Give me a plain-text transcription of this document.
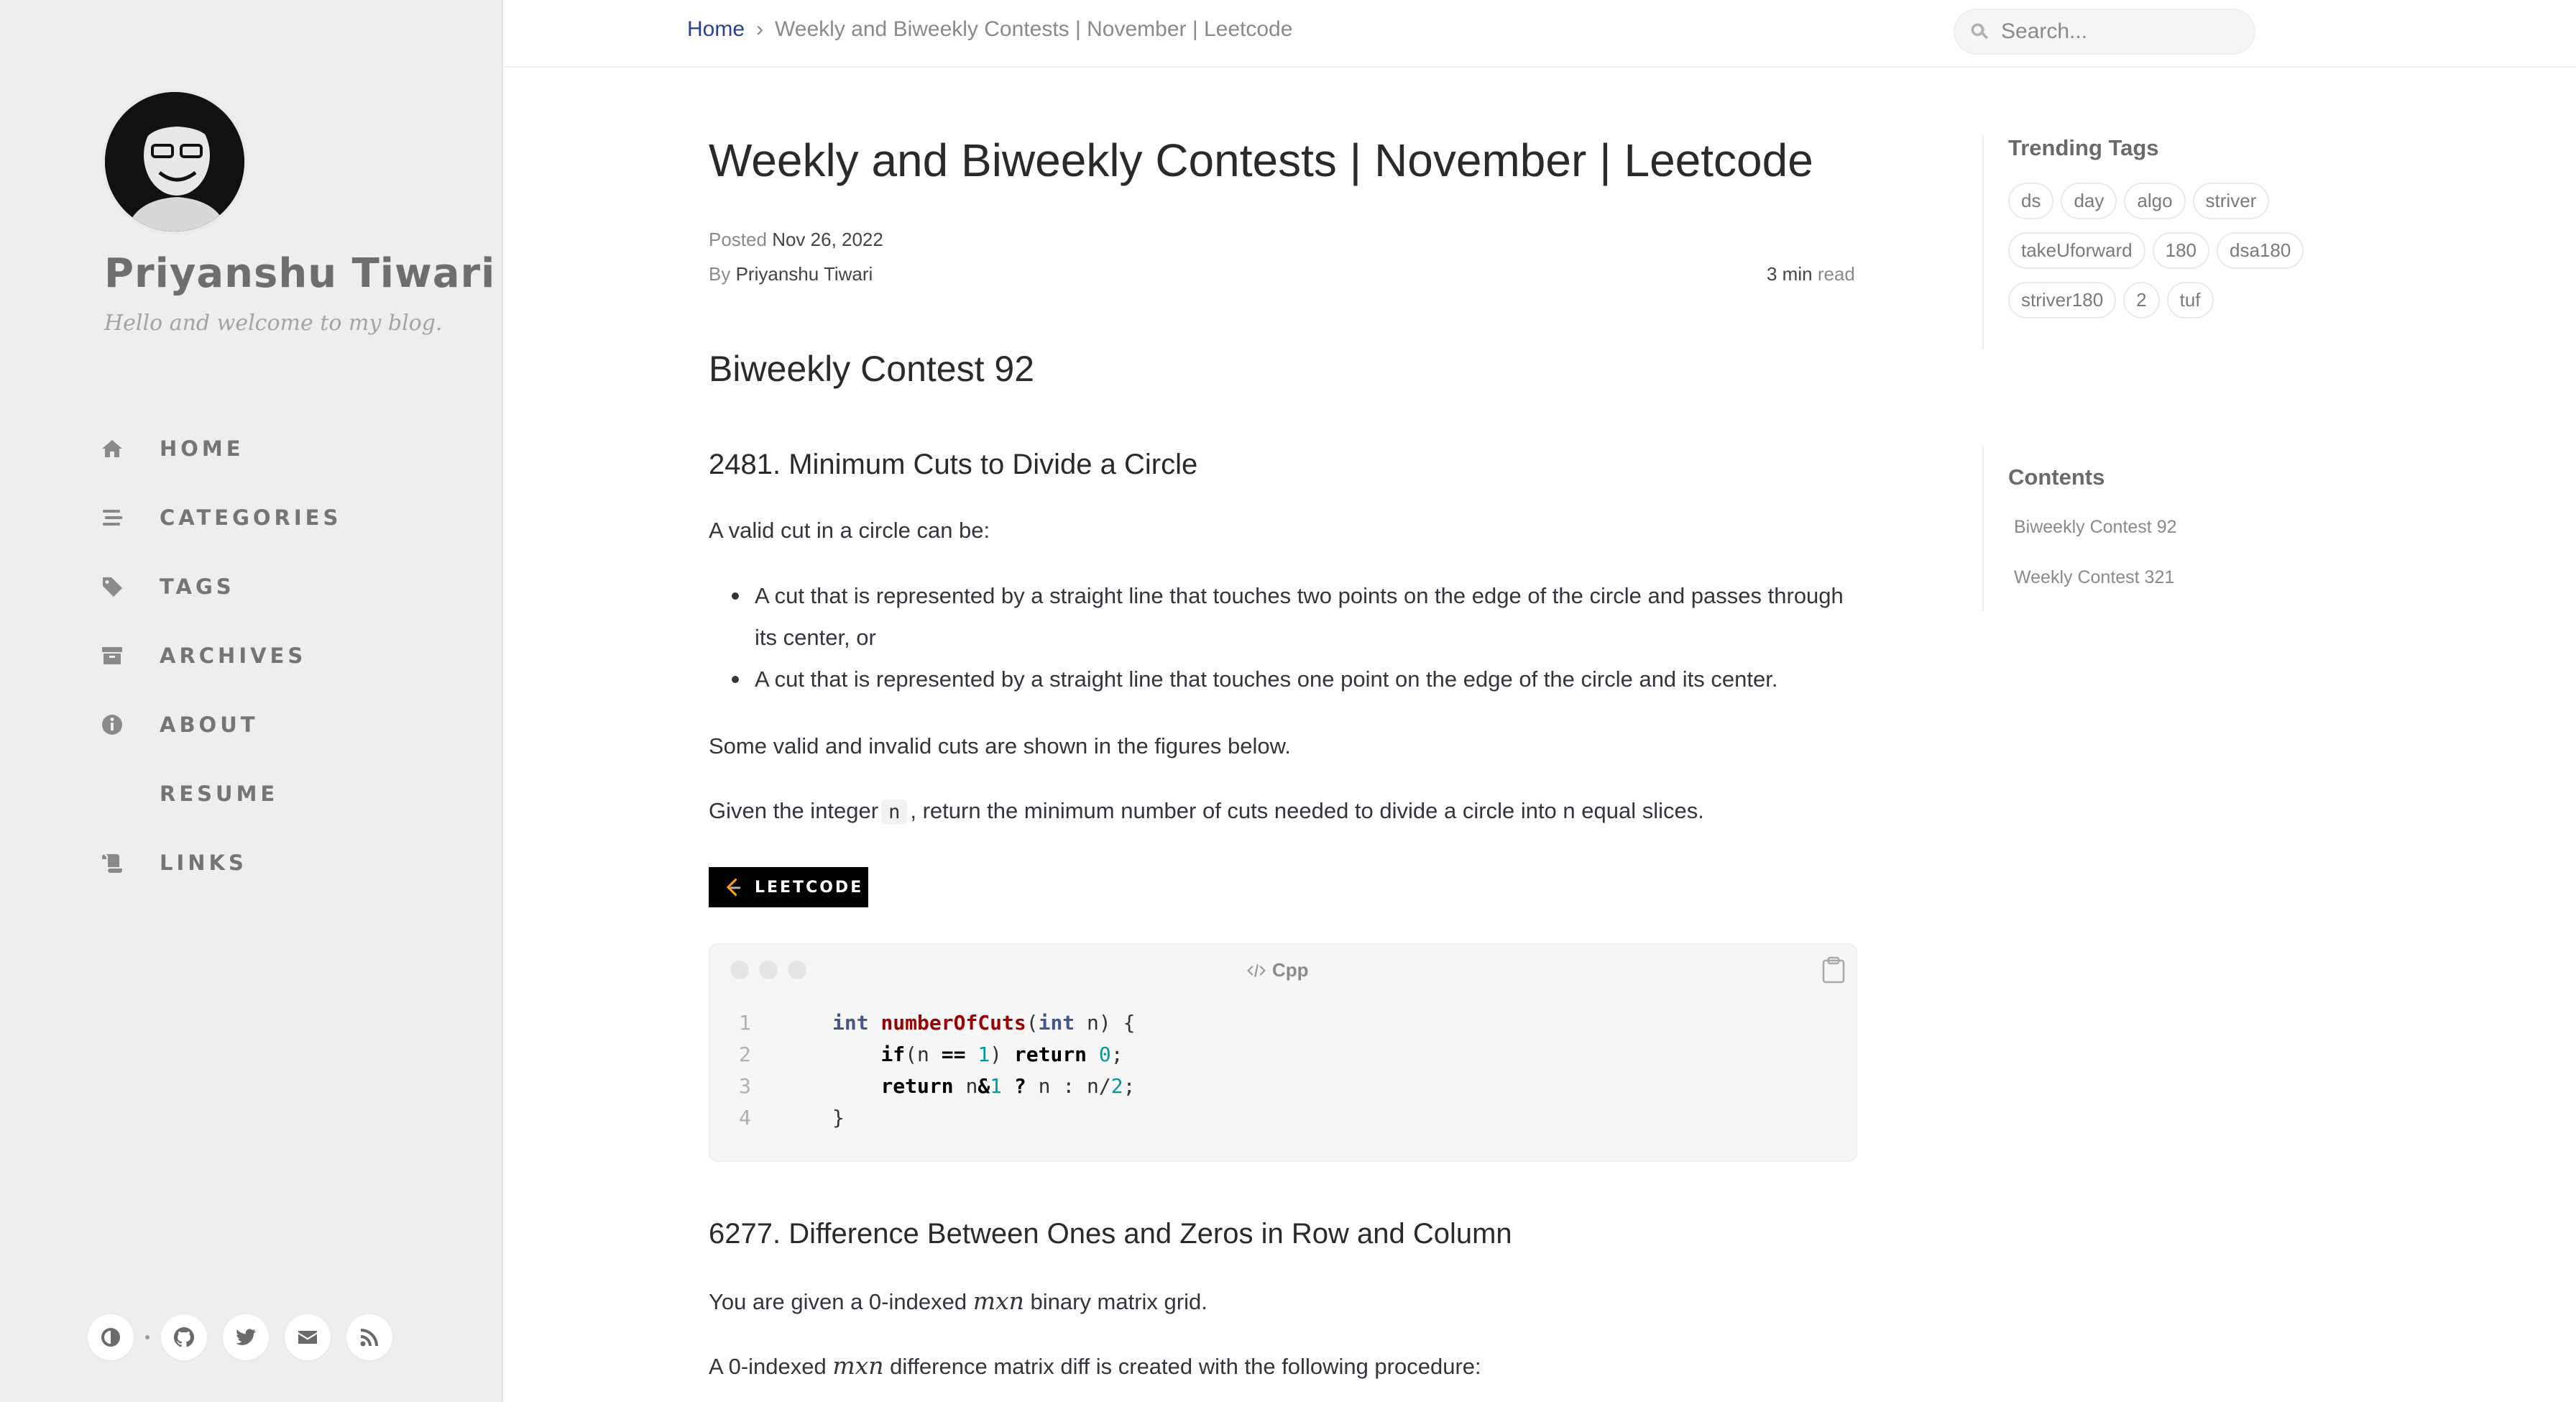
Priyanshu Tiwari
Hello and welcome to my blog.
HOME
CATEGORIES
TAGS
ARCHIVES
ABOUT
RESUME
LINKS
Home › Weekly and Biweekly Contests | November | Leetcode
Search...
Weekly and Biweekly Contests | November | Leetcode
Posted Nov 26, 2022
By Priyanshu Tiwari	3 min read
Biweekly Contest 92
2481. Minimum Cuts to Divide a Circle

A valid cut in a circle can be:

A cut that is represented by a straight line that touches two points on the edge of the circle and passes through
its center, or
A cut that is represented by a straight line that touches one point on the edge of the circle and its center.

Some valid and invalid cuts are shown in the figures below.

Given the integer n , return the minimum number of cuts needed to divide a circle into n equal slices.

LEETCODE
Cpp
1	int numberOfCuts(int n) {
2	if(n == 1) return 0;
3	return n&1 ? n : n/2;
4	}
6277. Difference Between Ones and Zeros in Row and Column

You are given a 0-indexed mxn binary matrix grid.

A 0-indexed mxn difference matrix diff is created with the following procedure:

Trending Tags
ds day algo striver
takeUforward 180 dsa180
striver180 2 tuf
Contents
Biweekly Contest 92
Weekly Contest 321
